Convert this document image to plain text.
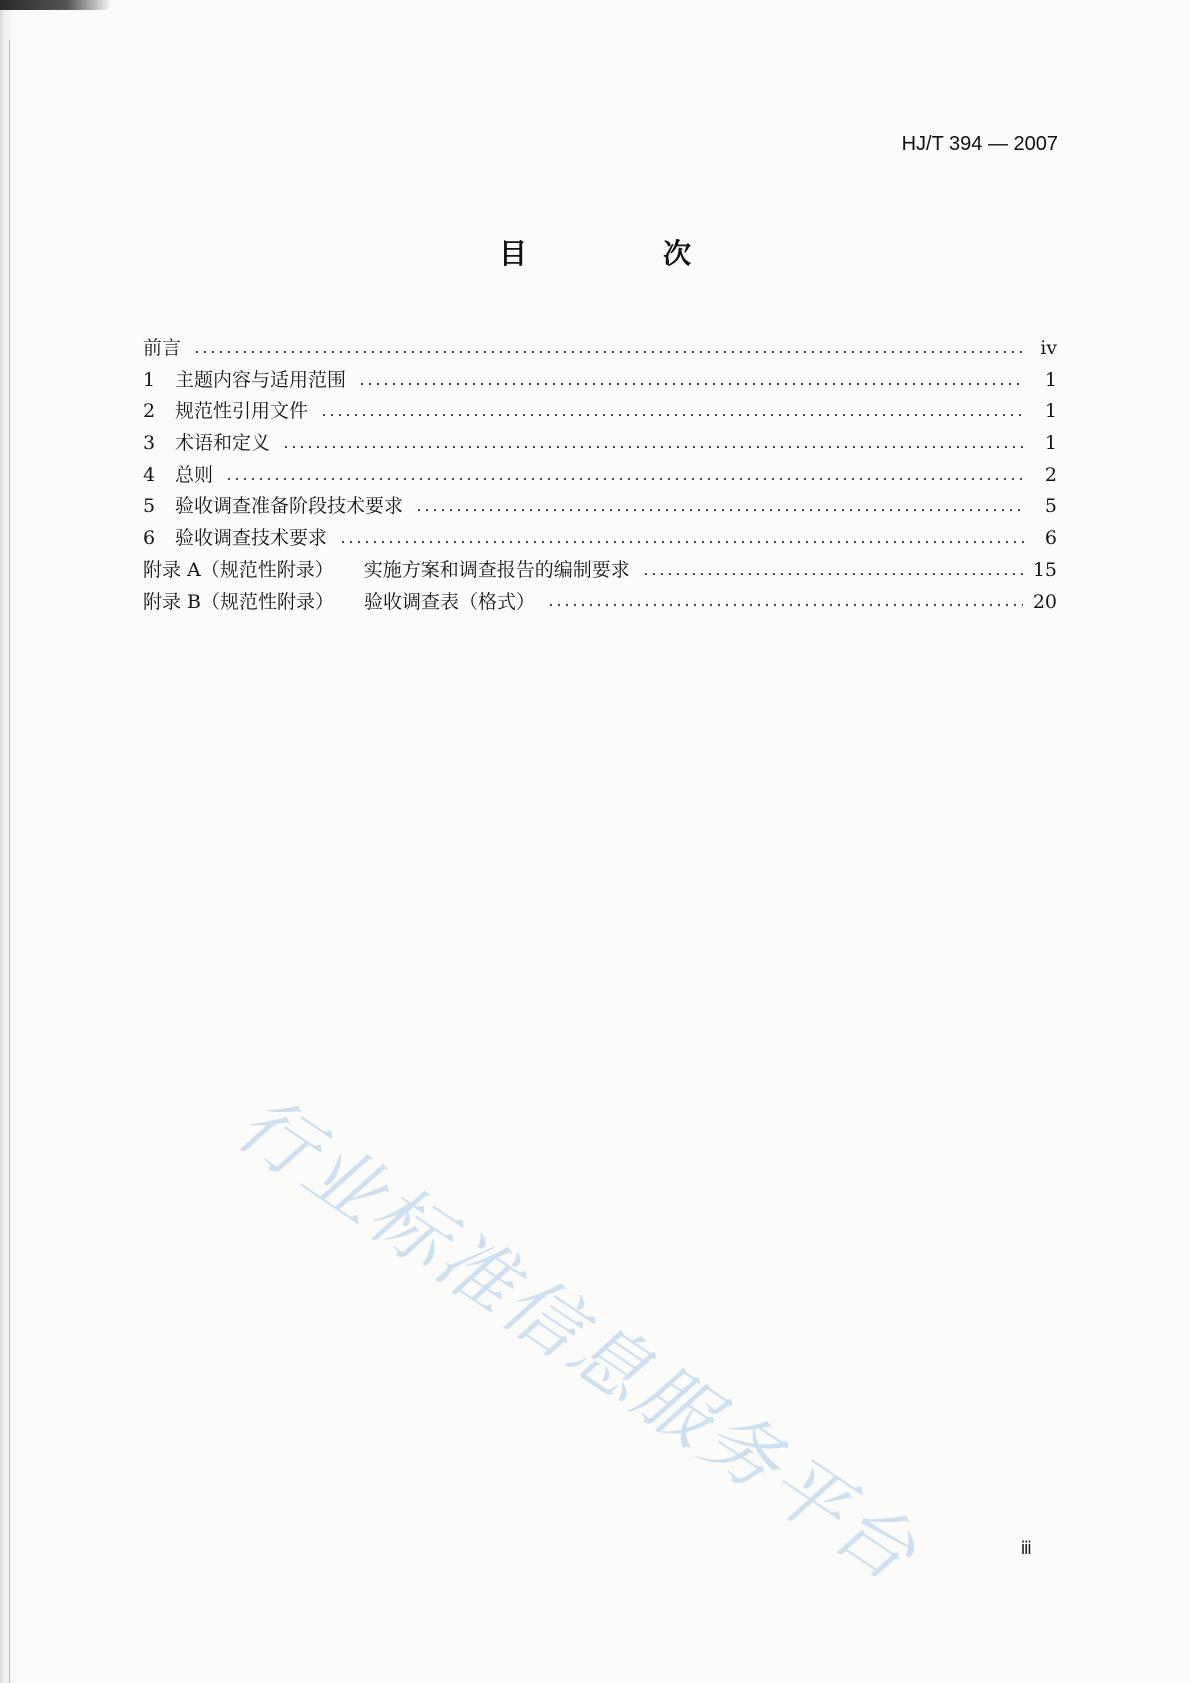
HJ/T 394 — 2007
目　次
前言	ⅳ
1	主题内容与适用范围	1
2	规范性引用文件	1
3	术语和定义	1
4	总则	2
5	验收调查准备阶段技术要求	5
6	验收调查技术要求	6
附录 A（规范性附录） 实施方案和调查报告的编制要求	15
附录 B（规范性附录） 验收调查表（格式）	20
行业标准信息服务平台	ⅲ
